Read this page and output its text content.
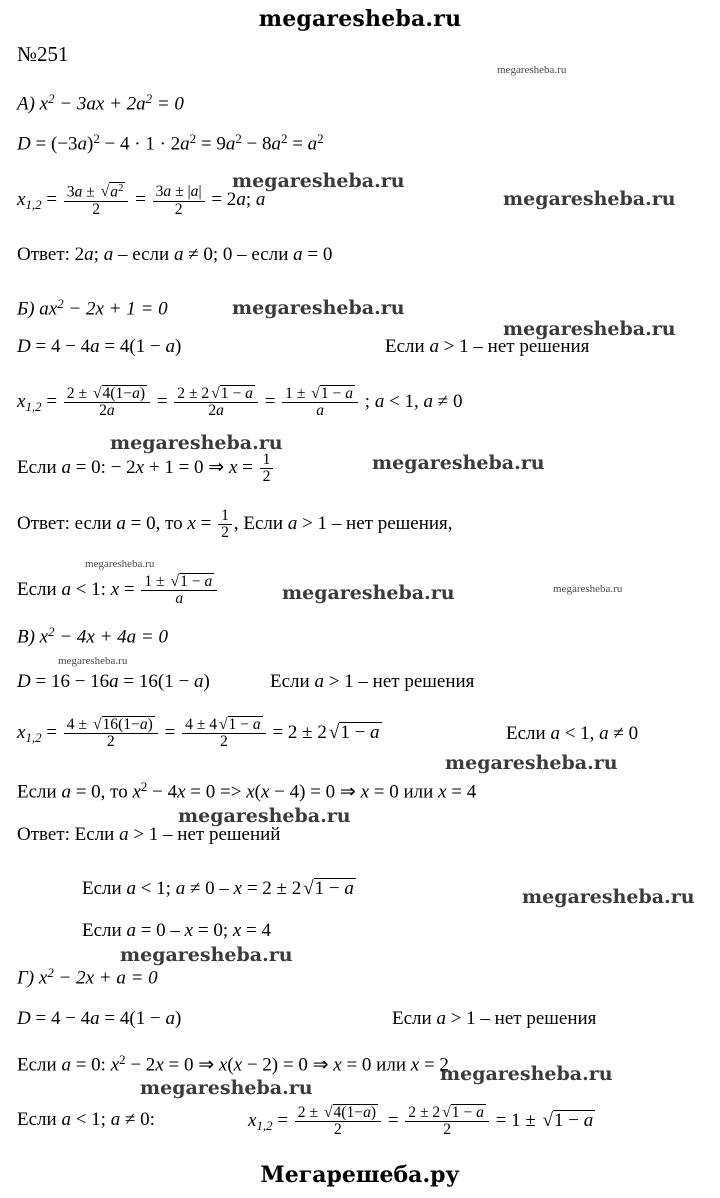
megaresheba.ru
№251
А) $x^2 - 3ax + 2a^2 = 0$
$D = (-3a)^2 - 4 \cdot 1 \cdot 2a^2 = 9a^2 - 8a^2 = a^2$
$x_{1,2} = \frac{3a \pm √a^2}{2} = \frac{3a \pm |a|}{2} = 2a$; a
Ответ: 2a; a – если a ≠ 0; 0 – если a = 0
Б) $ax^2 - 2x + 1 = 0$
D = 4 − 4a = 4(1 − a)	Если a > 1 – нет решения
$x_{1,2} = \frac{2 \pm √4(1-a)}{2a} = \frac{2 \pm 2 √1 - a}{2a} = \frac{1 \pm √1 - a}{a}$ ; a < 1, a ≠ 0
Если a = 0: − 2x + 1 = 0 ⇒ $x = \frac{1}{2}$
Ответ: если a = 0, то $x = \frac{1}{2}$ , Если a > 1 – нет решения,
Если a < 1: $x = \frac{1 \pm √1 - a}{a}$
В) $x^2 - 4x + 4a = 0$
D = 16 − 16a = 16(1 − a)	Если a > 1 – нет решения
$x_{1,2} = \frac{4 \pm √16(1-a)}{2} = \frac{4 \pm 4 √1 - a}{2} = 2 \pm 2$ √1 − a	Если a < 1, a ≠ 0
Если a = 0, то $x^2 - 4x = 0 => x(x - 4) = 0$ ⇒ x = 0 или x = 4
Ответ: Если a > 1 – нет решений
Если a < 1; a ≠ 0 – x = 2 ± 2 √1 − a
Если a = 0 – x = 0; x = 4
Г) $x^2 - 2x + a = 0$
D = 4 − 4a = 4(1 − a)	Если a > 1 – нет решения
Если a = 0: $x^2 - 2x = 0$ ⇒ x(x − 2) = 0 ⇒ x = 0 или x = 2
Если a < 1; a ≠ 0:	$x_{1,2} = \frac{2 \pm √4(1-a)}{2} = \frac{2 \pm 2 √1 - a}{2} = 1 \pm √1 - a$
Мегарешеба.ру
megaresheba.ru
megaresheba.ru
megaresheba.ru
megaresheba.ru
megaresheba.ru
megaresheba.ru
megaresheba.ru
megaresheba.ru
megaresheba.ru	megaresheba.ru
megaresheba.ru
megaresheba.ru
megaresheba.ru
megaresheba.ru
megaresheba.ru
megaresheba.ru
megaresheba.ru
